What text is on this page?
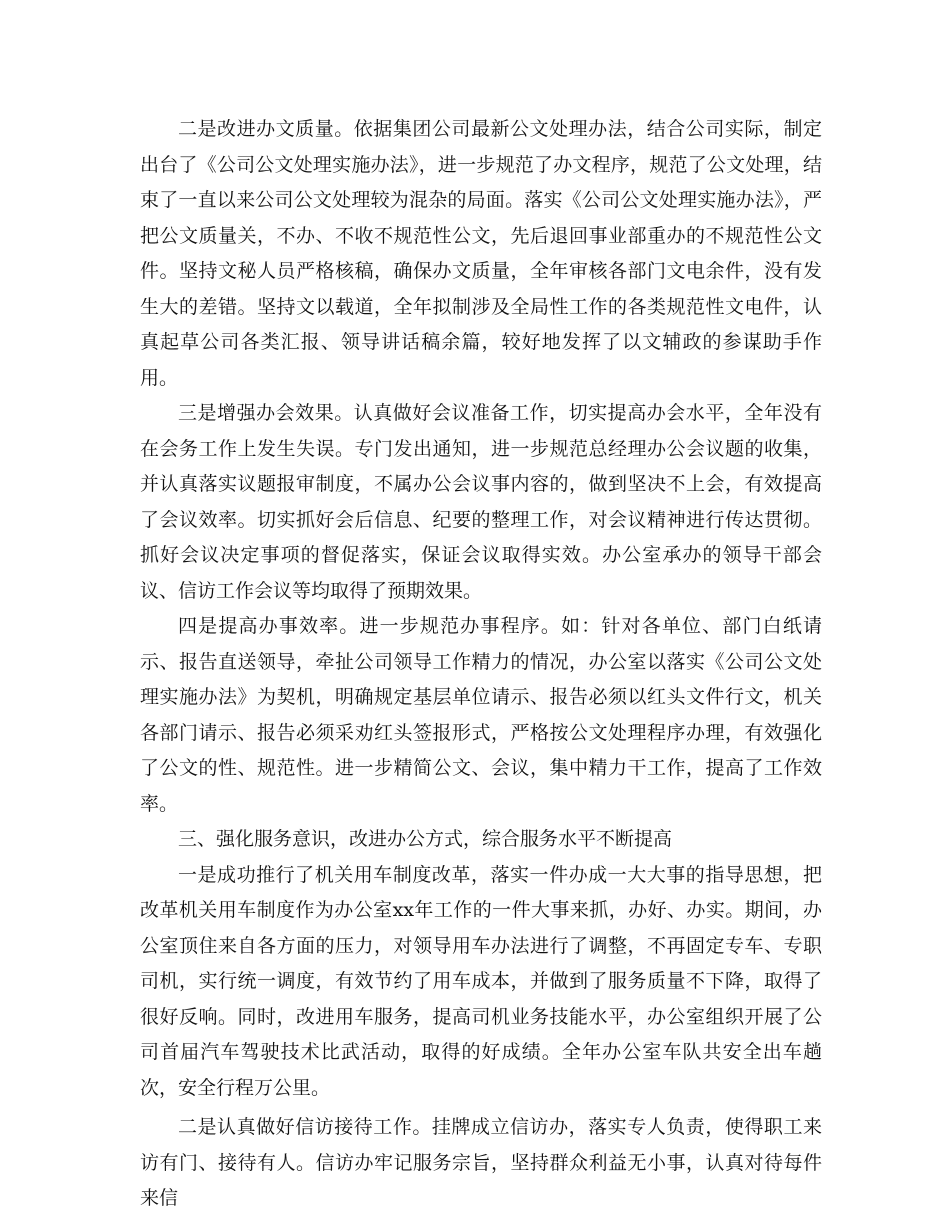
二是改进办文质量。依据集团公司最新公文处理办法，结合公司实际，制定出台了《公司公文处理实施办法》，进一步规范了办文程序，规范了公文处理，结束了一直以来公司公文处理较为混杂的局面。落实《公司公文处理实施办法》，严把公文质量关，不办、不收不规范性公文，先后退回事业部重办的不规范性公文件。坚持文秘人员严格核稿，确保办文质量，全年审核各部门文电余件，没有发生大的差错。坚持文以载道，全年拟制涉及全局性工作的各类规范性文电件，认真起草公司各类汇报、领导讲话稿余篇，较好地发挥了以文辅政的参谋助手作用。

三是增强办会效果。认真做好会议准备工作，切实提高办会水平，全年没有在会务工作上发生失误。专门发出通知，进一步规范总经理办公会议题的收集，并认真落实议题报审制度，不属办公会议事内容的，做到坚决不上会，有效提高了会议效率。切实抓好会后信息、纪要的整理工作，对会议精神进行传达贯彻。抓好会议决定事项的督促落实，保证会议取得实效。办公室承办的领导干部会议、信访工作会议等均取得了预期效果。

四是提高办事效率。进一步规范办事程序。如：针对各单位、部门白纸请示、报告直送领导，牵扯公司领导工作精力的情况，办公室以落实《公司公文处理实施办法》为契机，明确规定基层单位请示、报告必须以红头文件行文，机关各部门请示、报告必须采劝红头签报形式，严格按公文处理程序办理，有效强化了公文的性、规范性。进一步精简公文、会议，集中精力干工作，提高了工作效率。

三、强化服务意识，改进办公方式，综合服务水平不断提高

一是成功推行了机关用车制度改革，落实一件办成一大大事的指导思想，把改革机关用车制度作为办公室xx年工作的一件大事来抓，办好、办实。期间，办公室顶住来自各方面的压力，对领导用车办法进行了调整，不再固定专车、专职司机，实行统一调度，有效节约了用车成本，并做到了服务质量不下降，取得了很好反响。同时，改进用车服务，提高司机业务技能水平，办公室组织开展了公司首届汽车驾驶技术比武活动，取得的好成绩。全年办公室车队共安全出车趟次，安全行程万公里。

二是认真做好信访接待工作。挂牌成立信访办，落实专人负责，使得职工来访有门、接待有人。信访办牢记服务宗旨，坚持群众利益无小事，认真对待每件来信
